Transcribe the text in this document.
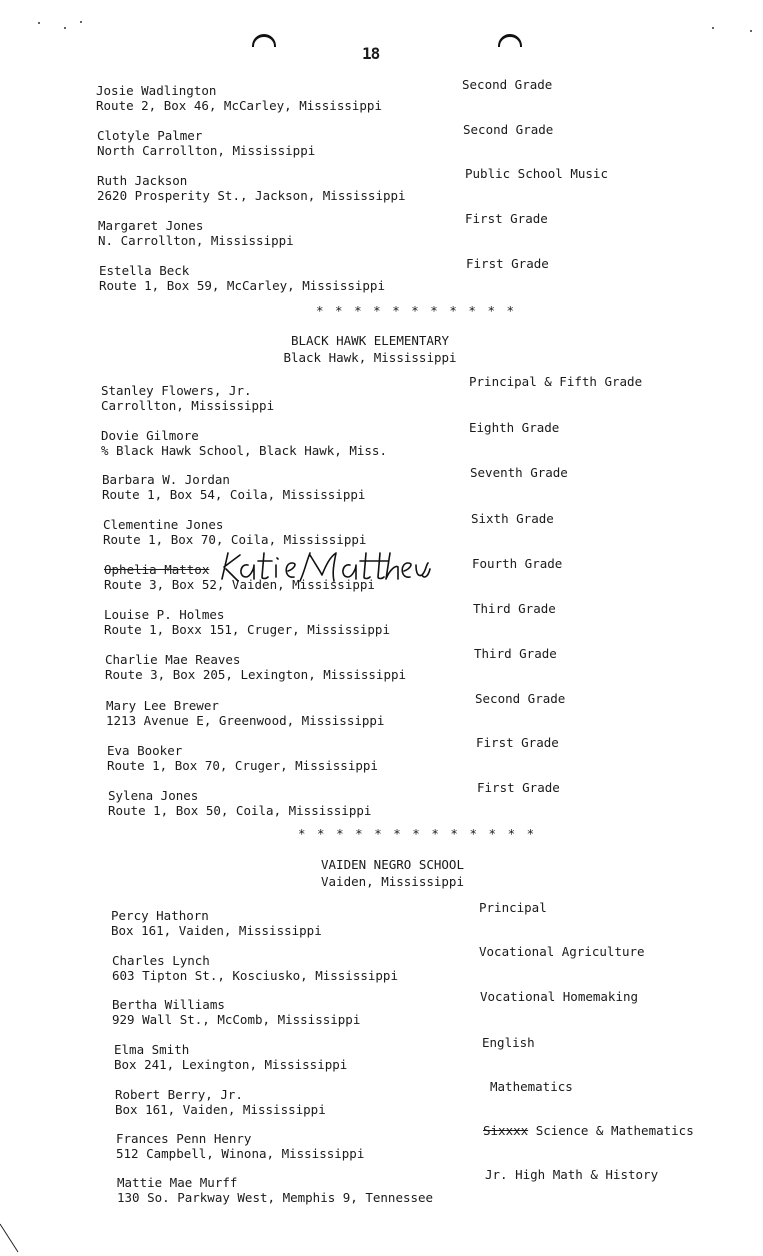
18
Josie Wadlington
Route 2, Box 46, McCarley, Mississippi
Second Grade
Clotyle Palmer
North Carrollton, Mississippi
Second Grade
Ruth Jackson
2620 Prosperity St., Jackson, Mississippi
Public School Music
Margaret Jones
N. Carrollton, Mississippi
First Grade
Estella Beck
Route 1, Box 59, McCarley, Mississippi
First Grade
* * * * * * * * * * *
BLACK HAWK ELEMENTARY
Black Hawk, Mississippi
Stanley Flowers, Jr.
Carrollton, Mississippi
Principal & Fifth Grade
Dovie Gilmore
% Black Hawk School, Black Hawk, Miss.
Eighth Grade
Barbara W. Jordan
Route 1, Box 54, Coila, Mississippi
Seventh Grade
Clementine Jones
Route 1, Box 70, Coila, Mississippi
Sixth Grade
Ophelia Mattox
Route 3, Box 52, Vaiden, Mississippi
Fourth Grade
Louise P. Holmes
Route 1, Boxx 151, Cruger, Mississippi
Third Grade
Charlie Mae Reaves
Route 3, Box 205, Lexington, Mississippi
Third Grade
Mary Lee Brewer
1213 Avenue E, Greenwood, Mississippi
Second Grade
Eva Booker
Route 1, Box 70, Cruger, Mississippi
First Grade
Sylena Jones
Route 1, Box 50, Coila, Mississippi
First Grade
* * * * * * * * * * * * *
VAIDEN NEGRO SCHOOL
Vaiden, Mississippi
Percy Hathorn
Box 161, Vaiden, Mississippi
Principal
Charles Lynch
603 Tipton St., Kosciusko, Mississippi
Vocational Agriculture
Bertha Williams
929 Wall St., McComb, Mississippi
Vocational Homemaking
Elma Smith
Box 241, Lexington, Mississippi
English
Robert Berry, Jr.
Box 161, Vaiden, Mississippi
Mathematics
Frances Penn Henry
512 Campbell, Winona, Mississippi
Sixxxx Science & Mathematics
Mattie Mae Murff
130 So. Parkway West, Memphis 9, Tennessee
Jr. High Math & History
